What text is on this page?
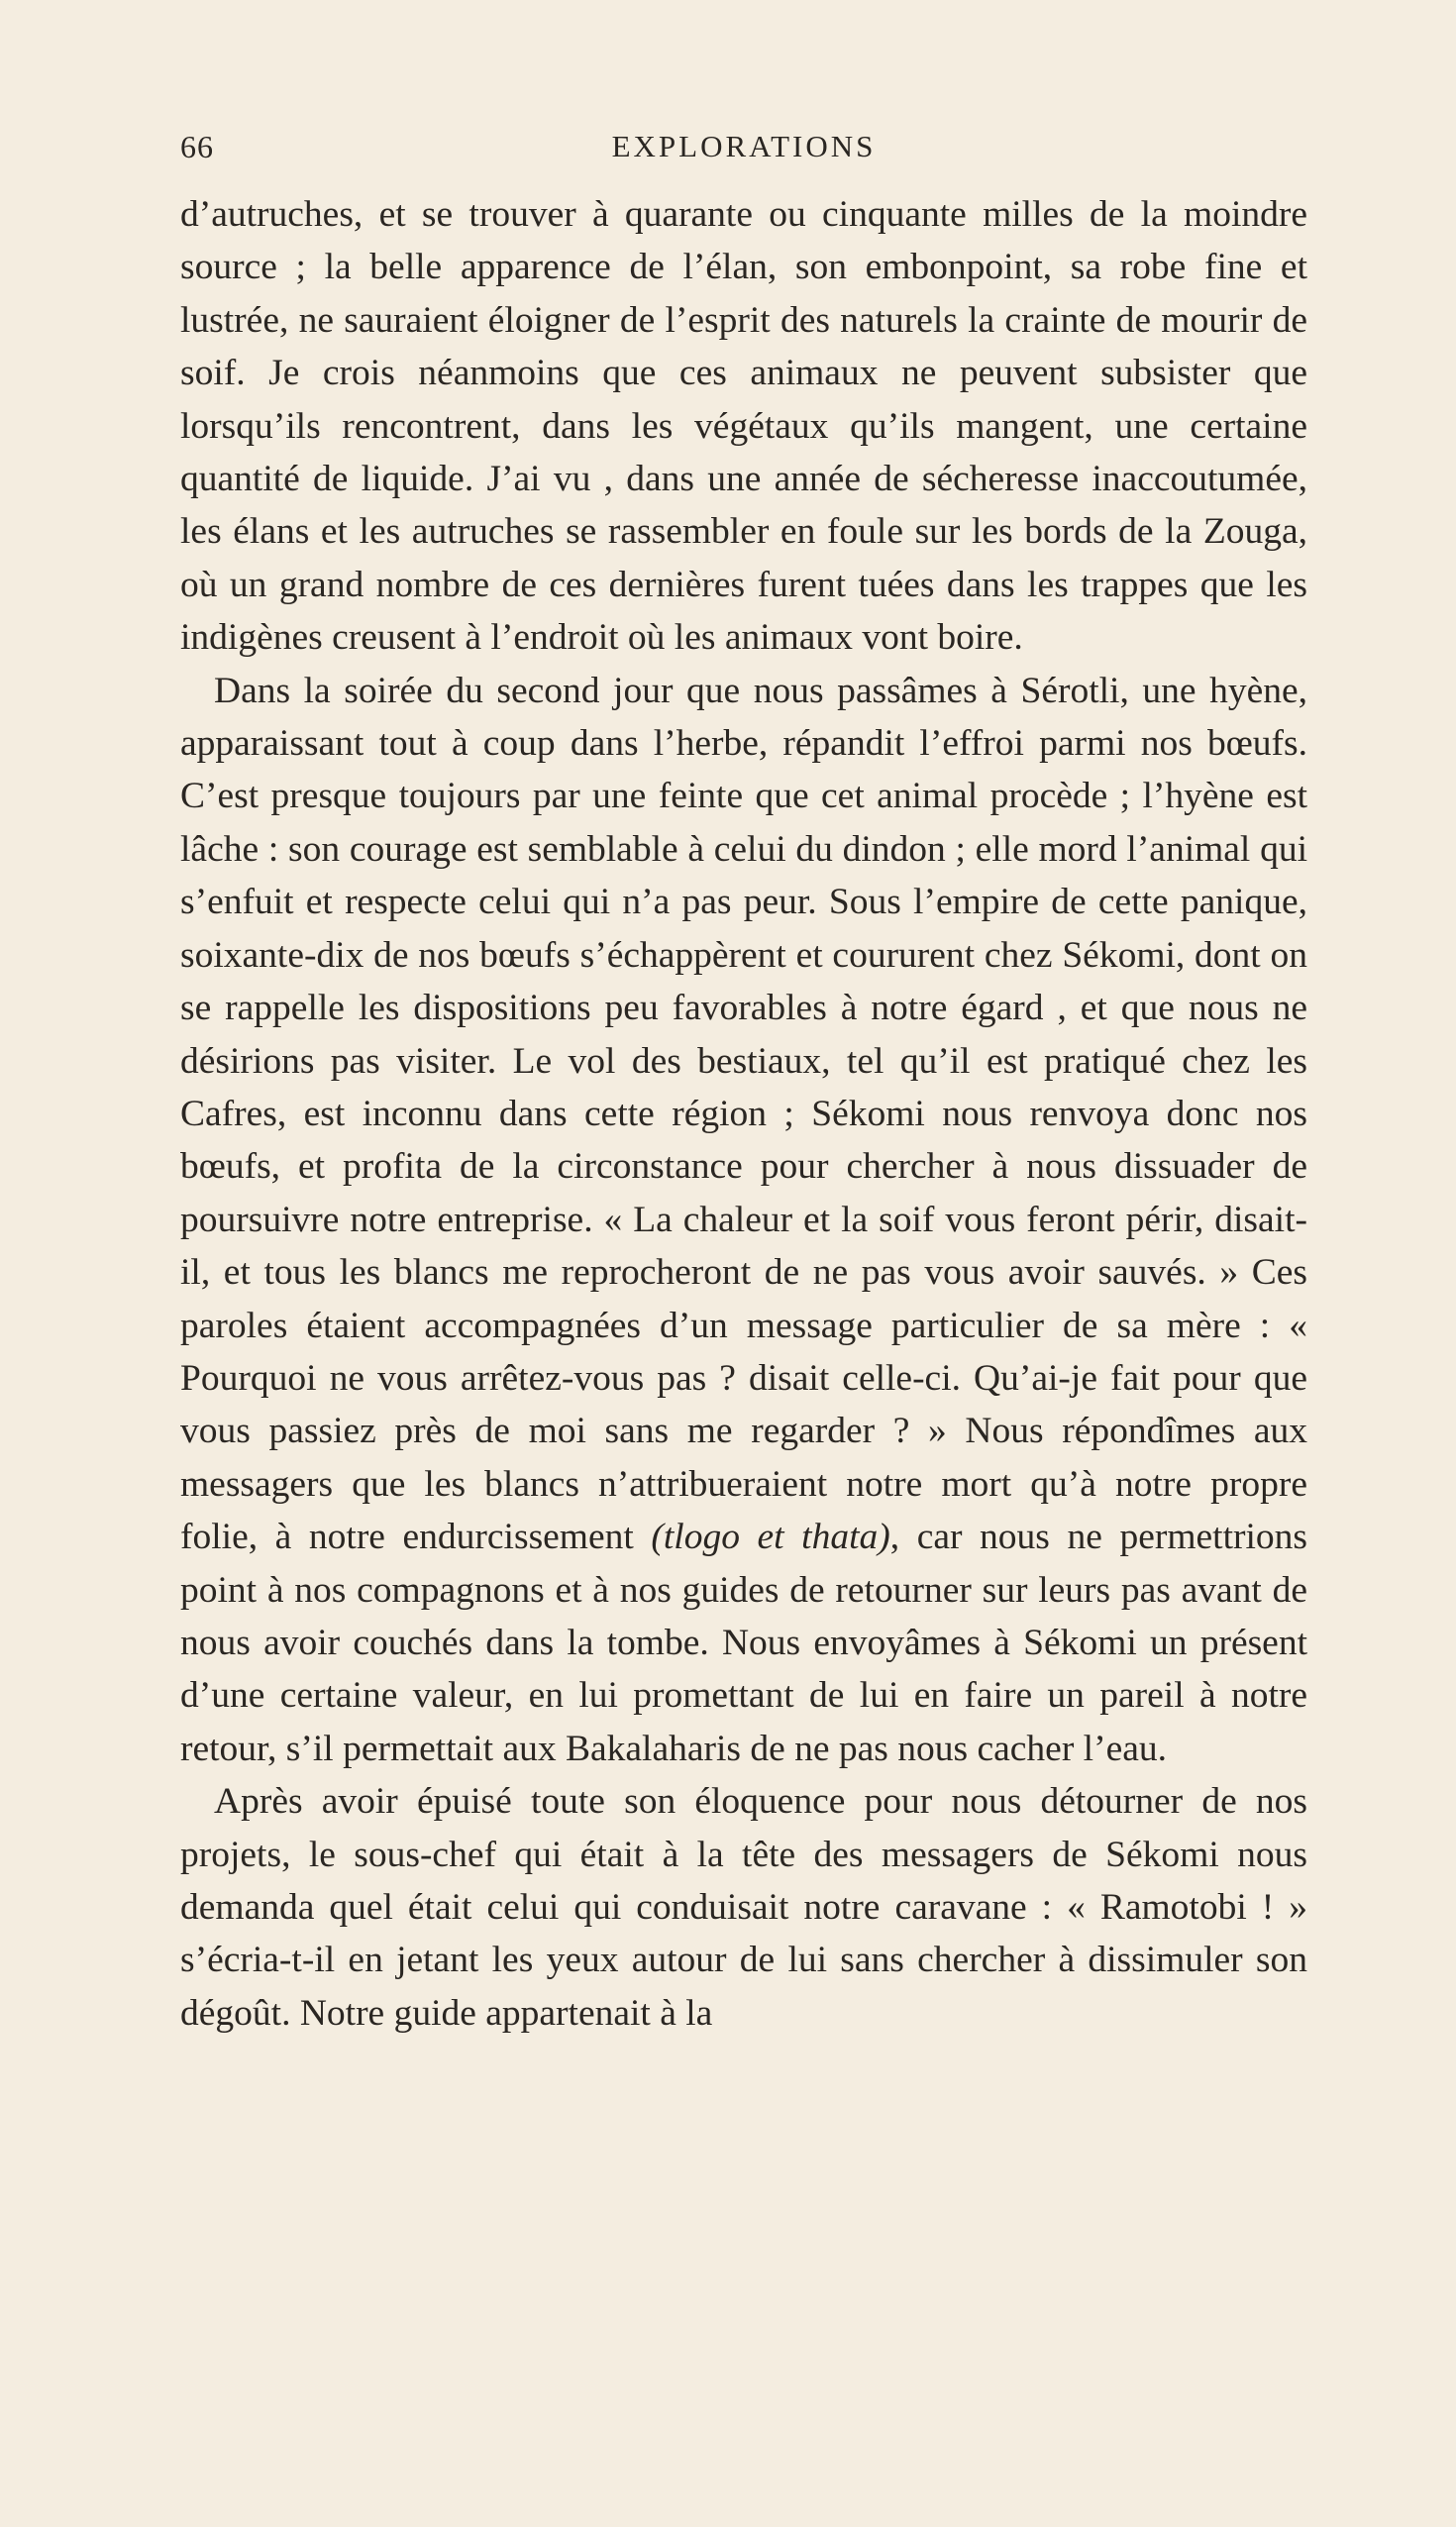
66	EXPLORATIONS

d’autruches, et se trouver à quarante ou cinquante milles de la moindre source ; la belle apparence de l’élan, son embonpoint, sa robe fine et lustrée, ne sauraient éloigner de l’esprit des naturels la crainte de mourir de soif. Je crois néanmoins que ces animaux ne peuvent subsister que lorsqu’ils rencontrent, dans les végétaux qu’ils mangent, une certaine quantité de liquide. J’ai vu , dans une année de sécheresse inaccoutumée, les élans et les autruches se rassembler en foule sur les bords de la Zouga, où un grand nombre de ces dernières furent tuées dans les trappes que les indigènes creusent à l’endroit où les animaux vont boire.

Dans la soirée du second jour que nous passâmes à Sérotli, une hyène, apparaissant tout à coup dans l’herbe, répandit l’effroi parmi nos bœufs. C’est presque toujours par une feinte que cet animal procède ; l’hyène est lâche : son courage est semblable à celui du dindon ; elle mord l’animal qui s’enfuit et respecte celui qui n’a pas peur. Sous l’empire de cette panique, soixante-dix de nos bœufs s’échappèrent et coururent chez Sékomi, dont on se rappelle les dispositions peu favorables à notre égard , et que nous ne désirions pas visiter. Le vol des bestiaux, tel qu’il est pratiqué chez les Cafres, est inconnu dans cette région ; Sékomi nous renvoya donc nos bœufs, et profita de la circonstance pour chercher à nous dissuader de poursuivre notre entreprise. « La chaleur et la soif vous feront périr, disait-il, et tous les blancs me reprocheront de ne pas vous avoir sauvés. » Ces paroles étaient accompagnées d’un message particulier de sa mère : « Pourquoi ne vous arrêtez-vous pas ? disait celle-ci. Qu’ai-je fait pour que vous passiez près de moi sans me regarder ? » Nous répondîmes aux messagers que les blancs n’attribueraient notre mort qu’à notre propre folie, à notre endurcissement (tlogo et thata), car nous ne permettrions point à nos compagnons et à nos guides de retourner sur leurs pas avant de nous avoir couchés dans la tombe. Nous envoyâmes à Sékomi un présent d’une certaine valeur, en lui promettant de lui en faire un pareil à notre retour, s’il permettait aux Bakalaharis de ne pas nous cacher l’eau.

Après avoir épuisé toute son éloquence pour nous détourner de nos projets, le sous-chef qui était à la tête des messagers de Sékomi nous demanda quel était celui qui conduisait notre caravane : « Ramotobi ! » s’écria-t-il en jetant les yeux autour de lui sans chercher à dissimuler son dégoût. Notre guide appartenait à la
